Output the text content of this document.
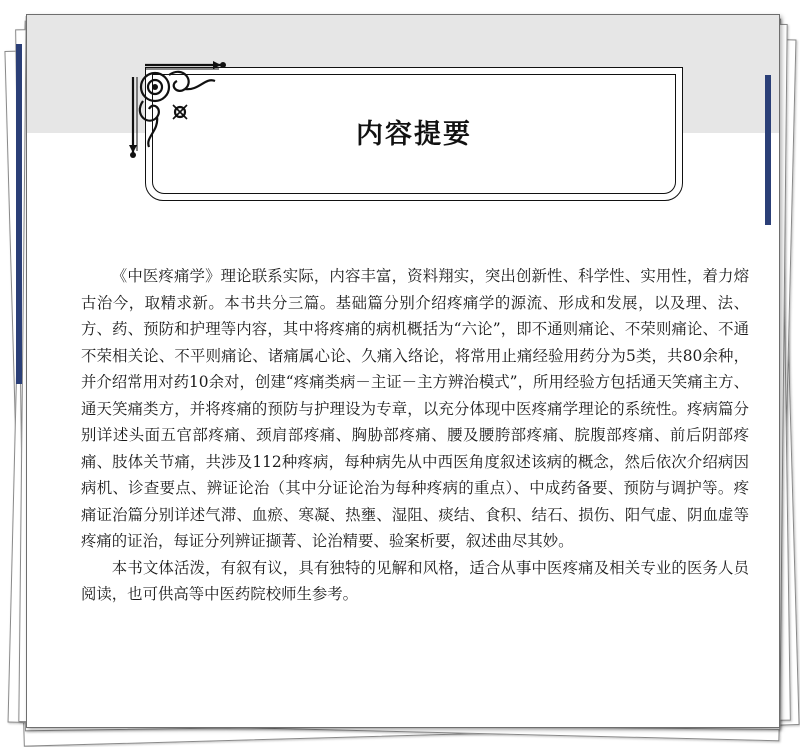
内容提要

《中医疼痛学》理论联系实际，内容丰富，资料翔实，突出创新性、科学性、实用性，着力熔古治今，取精求新。本书共分三篇。基础篇分别介绍疼痛学的源流、形成和发展，以及理、法、方、药、预防和护理等内容，其中将疼痛的病机概括为“六论”，即不通则痛论、不荣则痛论、不通不荣相关论、不平则痛论、诸痛属心论、久痛入络论，将常用止痛经验用药分为5类，共80余种，并介绍常用对药10余对，创建“疼痛类病－主证－主方辨治模式”，所用经验方包括通天笑痛主方、通天笑痛类方，并将疼痛的预防与护理设为专章，以充分体现中医疼痛学理论的系统性。疼病篇分别详述头面五官部疼痛、颈肩部疼痛、胸胁部疼痛、腰及腰胯部疼痛、脘腹部疼痛、前后阴部疼痛、肢体关节痛，共涉及112种疼病，每种病先从中西医角度叙述该病的概念，然后依次介绍病因病机、诊查要点、辨证论治（其中分证论治为每种疼病的重点）、中成药备要、预防与调护等。疼痛证治篇分别详述气滞、血瘀、寒凝、热壅、湿阻、痰结、食积、结石、损伤、阳气虚、阴血虚等疼痛的证治，每证分列辨证撷菁、论治精要、验案析要，叙述曲尽其妙。

本书文体活泼，有叙有议，具有独特的见解和风格，适合从事中医疼痛及相关专业的医务人员阅读，也可供高等中医药院校师生参考。
